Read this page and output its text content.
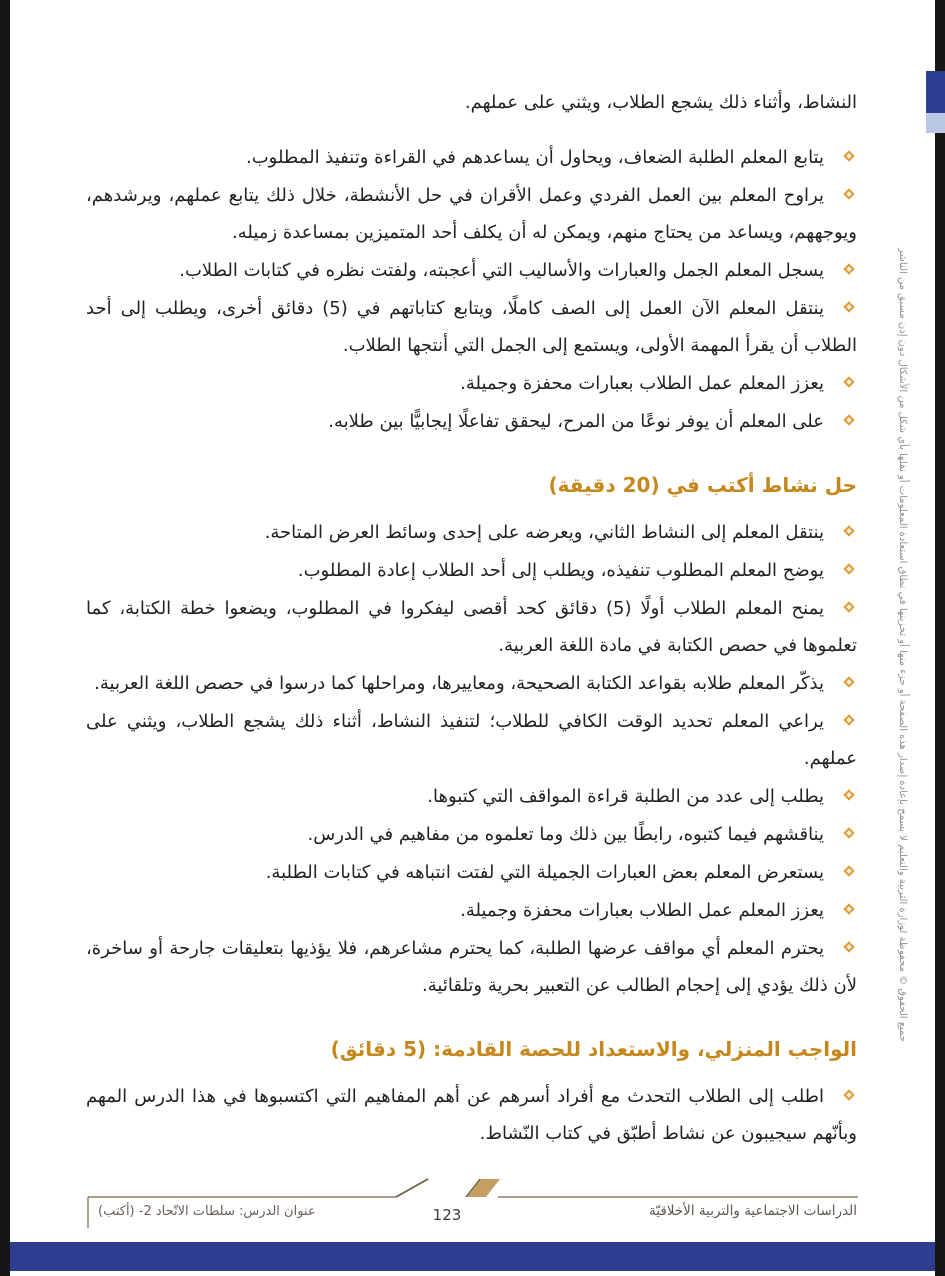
جميع الحقوق © محفوظة لوزارة التربية والتعليم لا يسمح بإعادة إصدار هذه الصفحة أو جزء منها أو تخزينها في نطاق استعادة المعلومات أو نقلها بأي شكل من الأشكال دون إذن مسبق من الناشر

النشاط، وأثناء ذلك يشجع الطلاب، ويثني على عملهم.

يتابع المعلم الطلبة الضعاف، ويحاول أن يساعدهم في القراءة وتنفيذ المطلوب.
يراوح المعلم بين العمل الفردي وعمل الأقران في حل الأنشطة، خلال ذلك يتابع عملهم، ويرشدهم، ويوجههم، ويساعد من يحتاج منهم، ويمكن له أن يكلف أحد المتميزين بمساعدة زميله.
يسجل المعلم الجمل والعبارات والأساليب التي أعجبته، ولفتت نظره في كتابات الطلاب.
ينتقل المعلم الآن العمل إلى الصف كاملًا، ويتابع كتاباتهم في (5) دقائق أخرى، ويطلب إلى أحد الطلاب أن يقرأ المهمة الأولى، ويستمع إلى الجمل التي أنتجها الطلاب.
يعزز المعلم عمل الطلاب بعبارات محفزة وجميلة.
على المعلم أن يوفر نوعًا من المرح، ليحقق تفاعلًا إيجابيًّا بين طلابه.
حل نشاط أكتب في (20 دقيقة)
ينتقل المعلم إلى النشاط الثاني، ويعرضه على إحدى وسائط العرض المتاحة.
يوضح المعلم المطلوب تنفيذه، ويطلب إلى أحد الطلاب إعادة المطلوب.
يمنح المعلم الطلاب أولًا (5) دقائق كحد أقصى ليفكروا في المطلوب، ويضعوا خطة الكتابة، كما تعلموها في حصص الكتابة في مادة اللغة العربية.
يذكّر المعلم طلابه بقواعد الكتابة الصحيحة، ومعاييرها، ومراحلها كما درسوا في حصص اللغة العربية.
يراعي المعلم تحديد الوقت الكافي للطلاب؛ لتنفيذ النشاط، أثناء ذلك يشجع الطلاب، ويثني على عملهم.
يطلب إلى عدد من الطلبة قراءة المواقف التي كتبوها.
يناقشهم فيما كتبوه، رابطًا بين ذلك وما تعلموه من مفاهيم في الدرس.
يستعرض المعلم بعض العبارات الجميلة التي لفتت انتباهه في كتابات الطلبة.
يعزز المعلم عمل الطلاب بعبارات محفزة وجميلة.
يحترم المعلم أي مواقف عرضها الطلبة، كما يحترم مشاعرهم، فلا يؤذيها بتعليقات جارحة أو ساخرة، لأن ذلك يؤدي إلى إحجام الطالب عن التعبير بحرية وتلقائية.
الواجب المنزلي، والاستعداد للحصة القادمة: (5 دقائق)
اطلب إلى الطلاب التحدث مع أفراد أسرهم عن أهم المفاهيم التي اكتسبوها في هذا الدرس المهم وبأنّهم سيجيبون عن نشاط أطبّق في كتاب النّشاط.
عنوان الدرس: سلطات الاتّحاد 2- (أكتب)	123	الدراسات الاجتماعية والتربية الأخلاقيّة
